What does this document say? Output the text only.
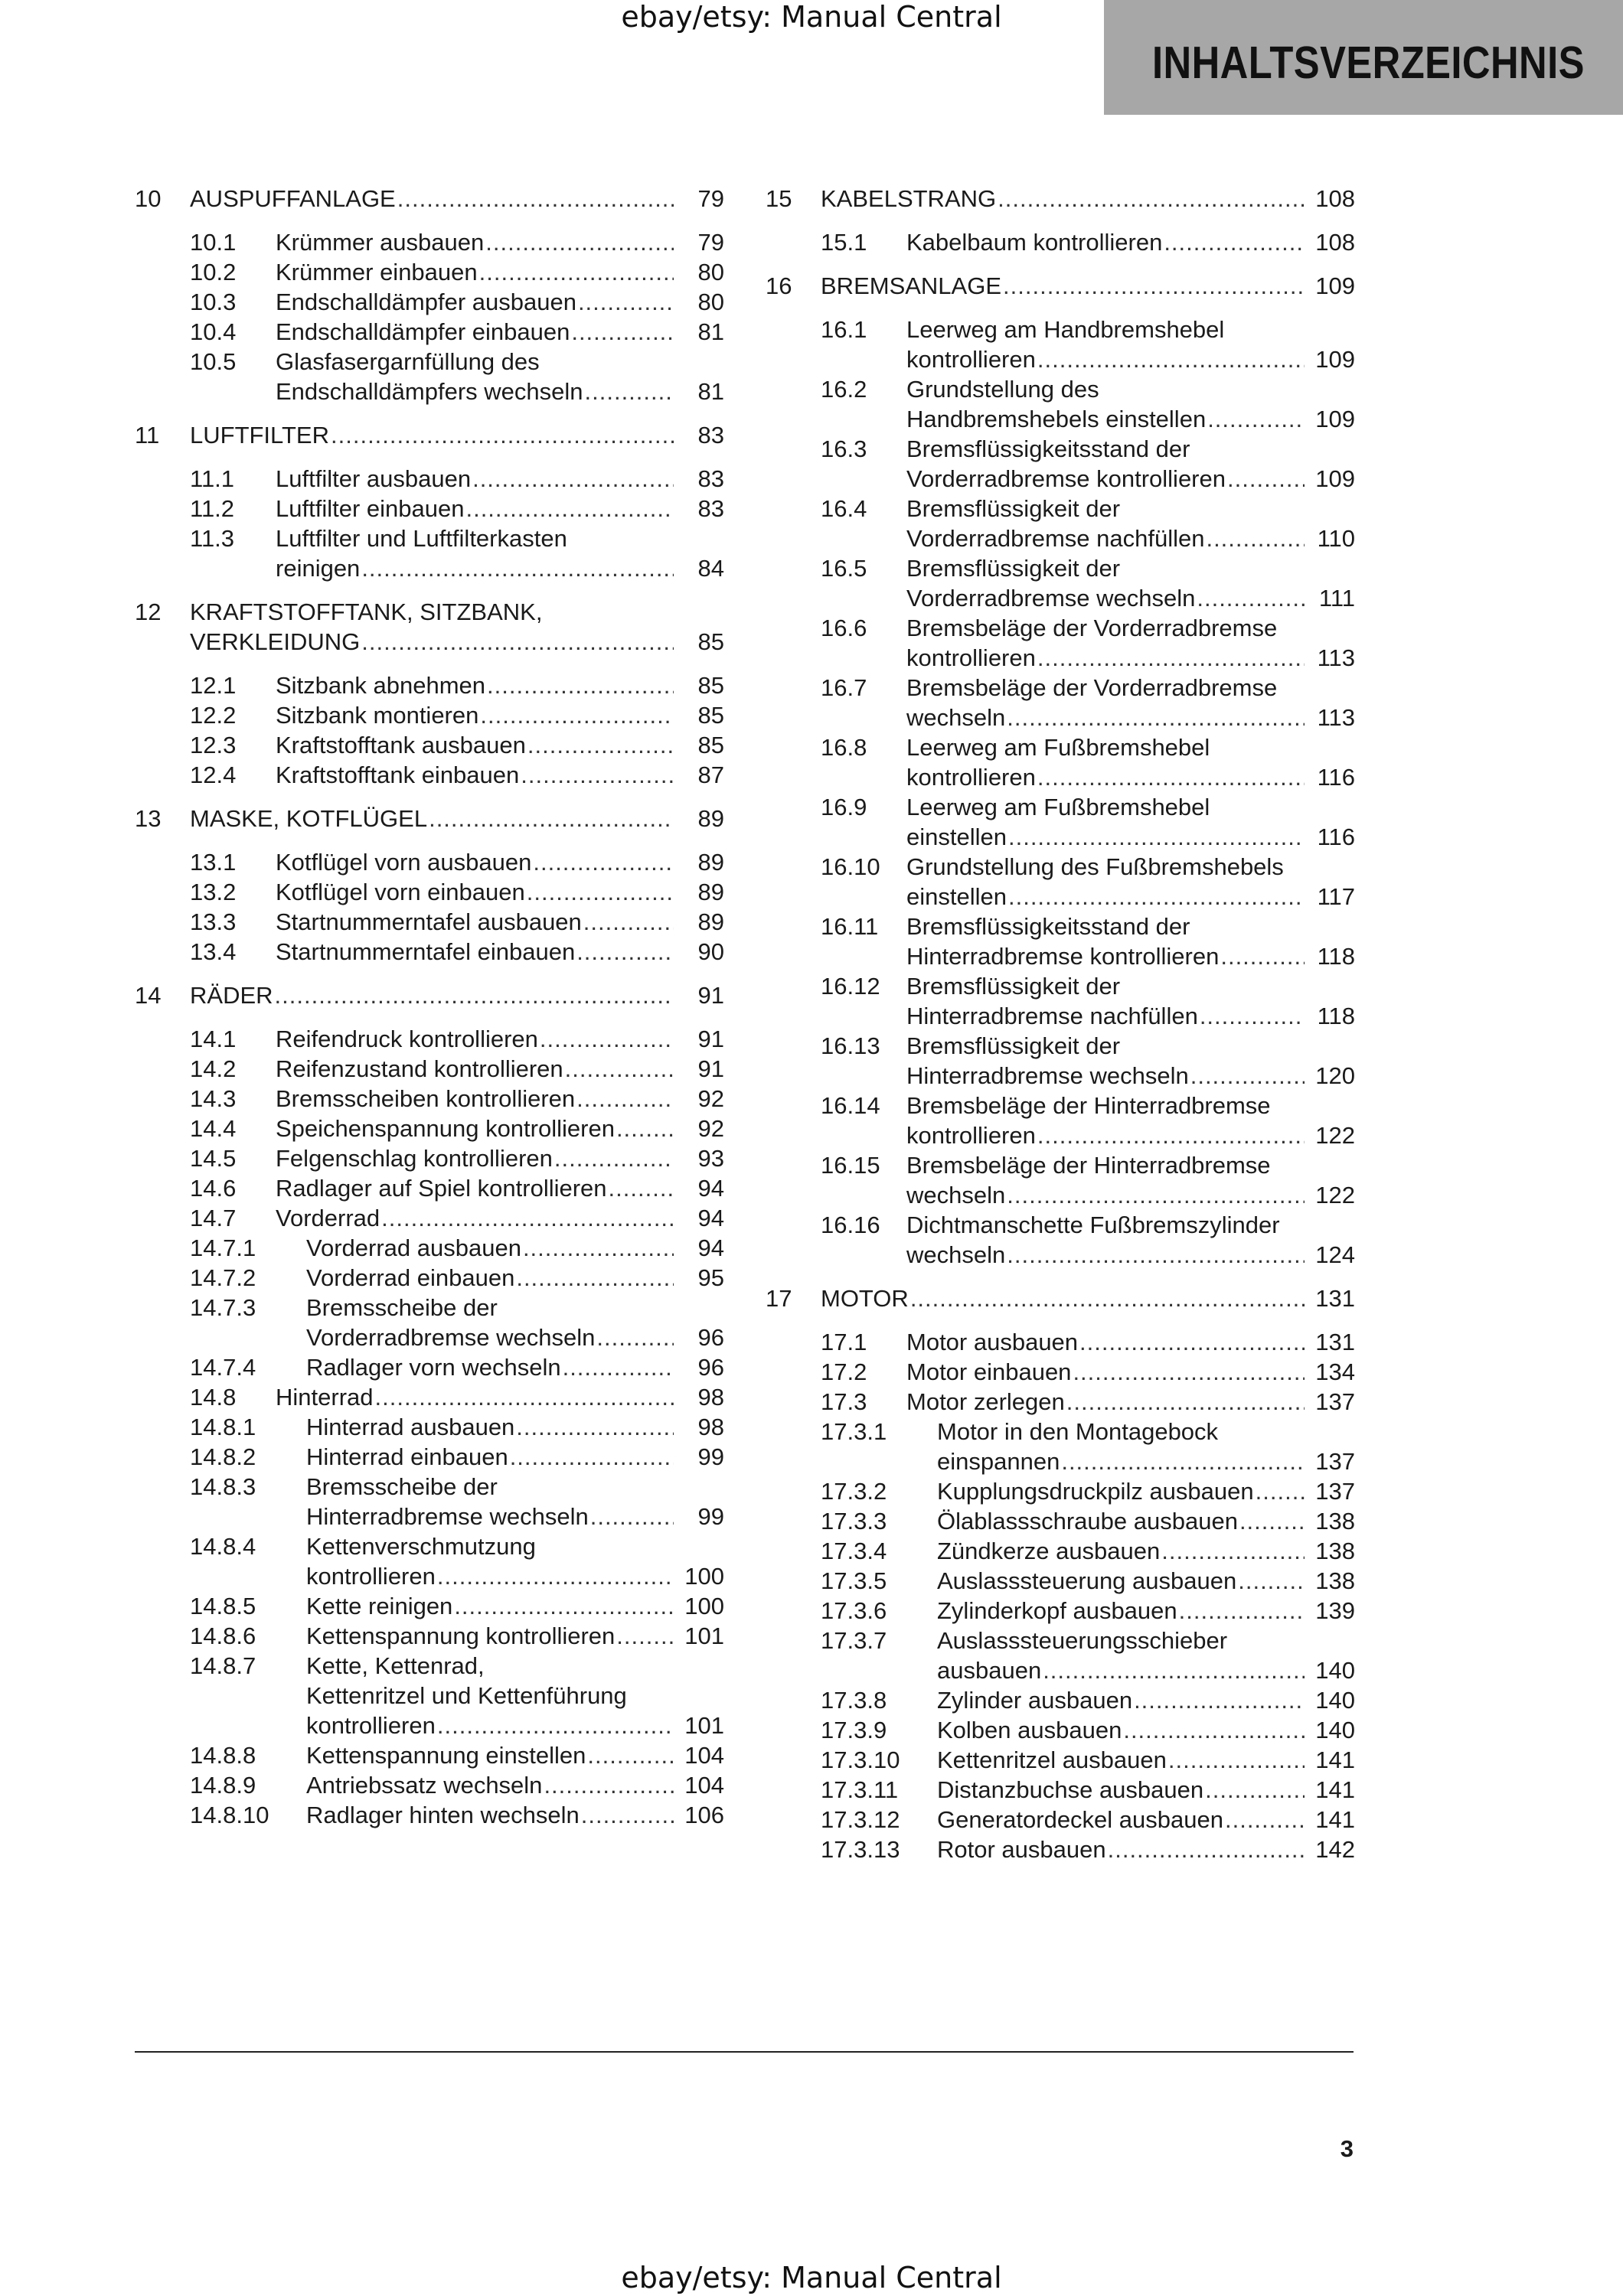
ebay/etsy: Manual Central
INHALTSVERZEICHNIS
10 AUSPUFFANLAGE .....	79
10.1 Krümmer ausbauen .....	79
10.2 Krümmer einbauen .....	80
10.3 Endschalldämpfer ausbauen .....	80
10.4 Endschalldämpfer einbauen .....	81
10.5 Glasfasergarnfüllung des
Endschalldämpfers wechseln .....	81
11 LUFTFILTER .....	83
11.1 Luftfilter ausbauen .....	83
11.2 Luftfilter einbauen .....	83
11.3 Luftfilter und Luftfilterkasten
reinigen .....	84
12 KRAFTSTOFFTANK, SITZBANK,
VERKLEIDUNG .....	85
12.1 Sitzbank abnehmen .....	85
12.2 Sitzbank montieren .....	85
12.3 Kraftstofftank ausbauen .....	85
12.4 Kraftstofftank einbauen .....	87
13 MASKE, KOTFLÜGEL .....	89
13.1 Kotflügel vorn ausbauen .....	89
13.2 Kotflügel vorn einbauen .....	89
13.3 Startnummerntafel ausbauen .....	89
13.4 Startnummerntafel einbauen .....	90
14 RÄDER .....	91
14.1 Reifendruck kontrollieren .....	91
14.2 Reifenzustand kontrollieren .....	91
14.3 Bremsscheiben kontrollieren .....	92
14.4 Speichenspannung kontrollieren .....	92
14.5 Felgenschlag kontrollieren .....	93
14.6 Radlager auf Spiel kontrollieren .....	94
14.7 Vorderrad .....	94
14.7.1 Vorderrad ausbauen .....	94
14.7.2 Vorderrad einbauen .....	95
14.7.3 Bremsscheibe der
Vorderradbremse wechseln .....	96
14.7.4 Radlager vorn wechseln .....	96
14.8 Hinterrad .....	98
14.8.1 Hinterrad ausbauen .....	98
14.8.2 Hinterrad einbauen .....	99
14.8.3 Bremsscheibe der
Hinterradbremse wechseln .....	99
14.8.4 Kettenverschmutzung
kontrollieren .....	100
14.8.5 Kette reinigen .....	100
14.8.6 Kettenspannung kontrollieren .....	101
14.8.7 Kette, Kettenrad,
Kettenritzel und Kettenführung
kontrollieren .....	101
14.8.8 Kettenspannung einstellen .....	104
14.8.9 Antriebssatz wechseln .....	104
14.8.10 Radlager hinten wechseln .....	106
15 KABELSTRANG .....	108
15.1 Kabelbaum kontrollieren .....	108
16 BREMSANLAGE .....	109
16.1 Leerweg am Handbremshebel
kontrollieren .....	109
16.2 Grundstellung des
Handbremshebels einstellen .....	109
16.3 Bremsflüssigkeitsstand der
Vorderradbremse kontrollieren .....	109
16.4 Bremsflüssigkeit der
Vorderradbremse nachfüllen .....	110
16.5 Bremsflüssigkeit der
Vorderradbremse wechseln .....	111
16.6 Bremsbeläge der Vorderradbremse
kontrollieren .....	113
16.7 Bremsbeläge der Vorderradbremse
wechseln .....	113
16.8 Leerweg am Fußbremshebel
kontrollieren .....	116
16.9 Leerweg am Fußbremshebel
einstellen .....	116
16.10 Grundstellung des Fußbremshebels
einstellen .....	117
16.11 Bremsflüssigkeitsstand der
Hinterradbremse kontrollieren .....	118
16.12 Bremsflüssigkeit der
Hinterradbremse nachfüllen .....	118
16.13 Bremsflüssigkeit der
Hinterradbremse wechseln .....	120
16.14 Bremsbeläge der Hinterradbremse
kontrollieren .....	122
16.15 Bremsbeläge der Hinterradbremse
wechseln .....	122
16.16 Dichtmanschette Fußbremszylinder
wechseln .....	124
17 MOTOR .....	131
17.1 Motor ausbauen .....	131
17.2 Motor einbauen .....	134
17.3 Motor zerlegen .....	137
17.3.1 Motor in den Montagebock
einspannen .....	137
17.3.2 Kupplungsdruckpilz ausbauen .....	137
17.3.3 Ölablassschraube ausbauen .....	138
17.3.4 Zündkerze ausbauen .....	138
17.3.5 Auslasssteuerung ausbauen .....	138
17.3.6 Zylinderkopf ausbauen .....	139
17.3.7 Auslasssteuerungsschieber
ausbauen .....	140
17.3.8 Zylinder ausbauen .....	140
17.3.9 Kolben ausbauen .....	140
17.3.10 Kettenritzel ausbauen .....	141
17.3.11 Distanzbuchse ausbauen .....	141
17.3.12 Generatordeckel ausbauen .....	141
17.3.13 Rotor ausbauen .....	142
3
ebay/etsy: Manual Central
